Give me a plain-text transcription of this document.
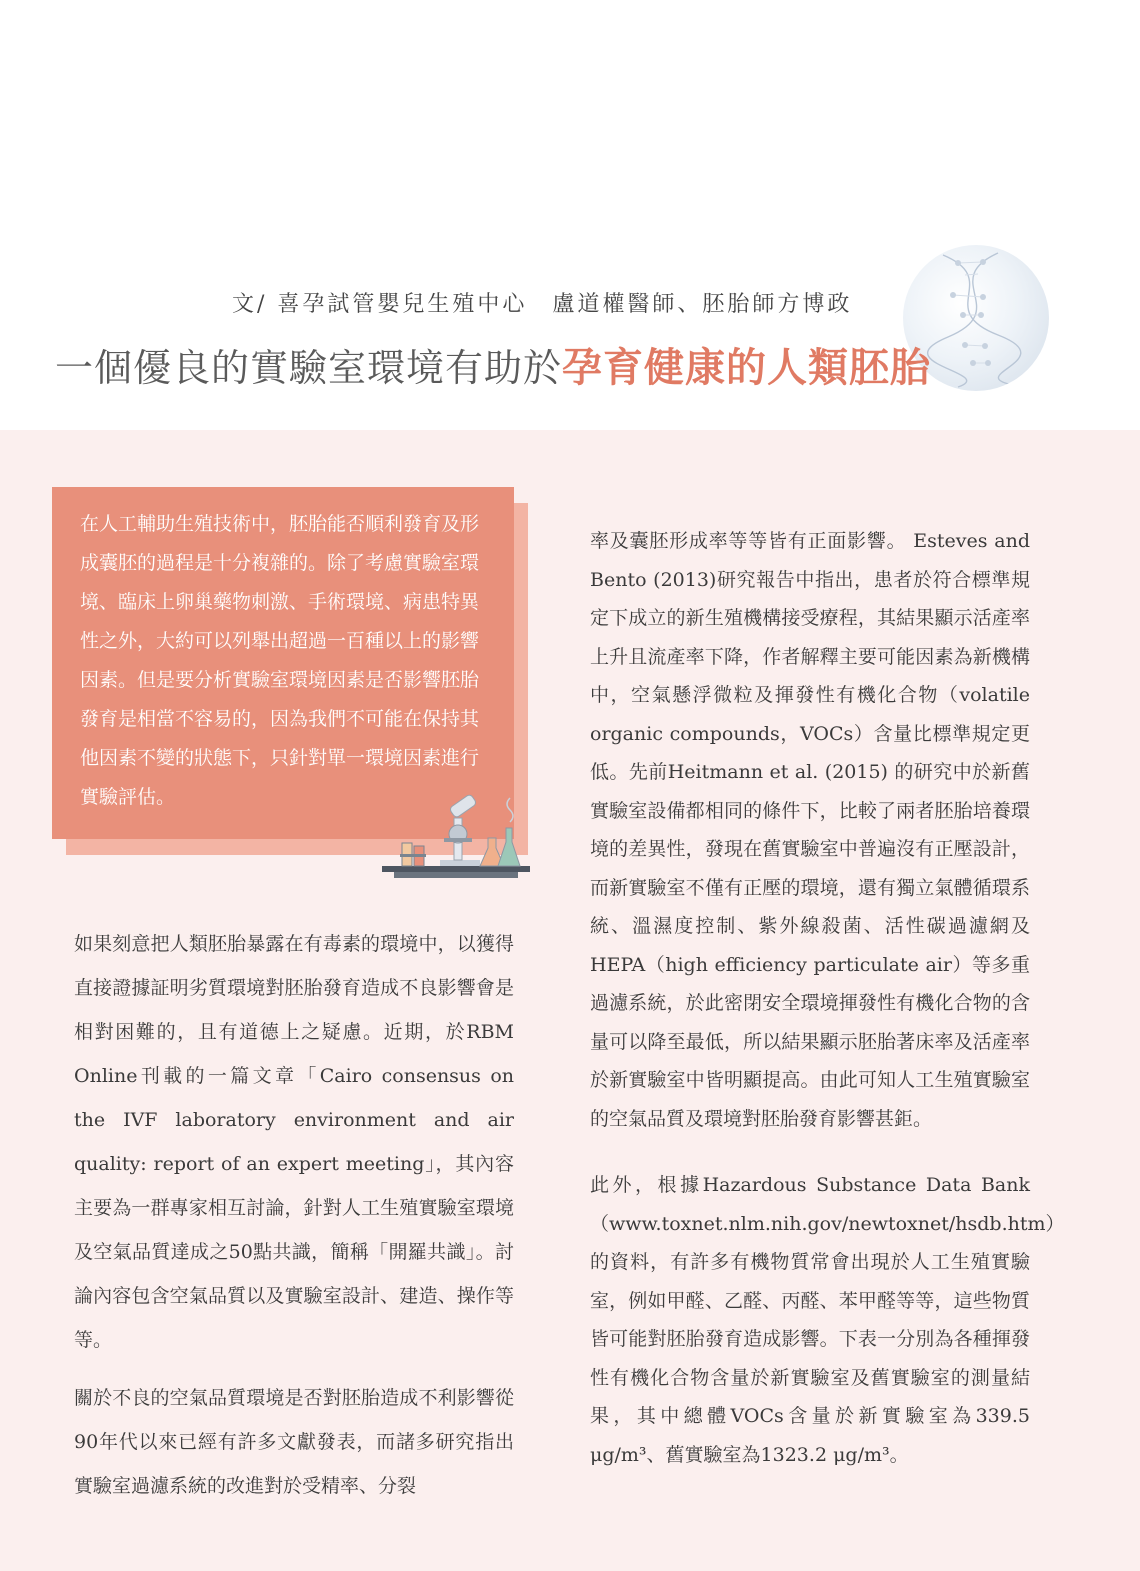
文/ 喜孕試管嬰兒生殖中心　盧道權醫師、胚胎師方博政
一個優良的實驗室環境有助於孕育健康的人類胚胎

在人工輔助生殖技術中，胚胎能否順利發育及形成囊胚的過程是十分複雜的。除了考慮實驗室環境、臨床上卵巢藥物刺激、手術環境、病患特異性之外，大約可以列舉出超過一百種以上的影響因素。但是要分析實驗室環境因素是否影響胚胎發育是相當不容易的，因為我們不可能在保持其他因素不變的狀態下，只針對單一環境因素進行實驗評估。

如果刻意把人類胚胎暴露在有毒素的環境中，以獲得直接證據証明劣質環境對胚胎發育造成不良影響會是相對困難的，且有道德上之疑慮。近期，於RBM Online刊載的一篇文章「Cairo consensus on the IVF laboratory environment and air quality: report of an expert meeting」，其內容主要為一群專家相互討論，針對人工生殖實驗室環境及空氣品質達成之50點共識，簡稱「開羅共識」。討論內容包含空氣品質以及實驗室設計、建造、操作等等。

關於不良的空氣品質環境是否對胚胎造成不利影響從90年代以來已經有許多文獻發表，而諸多研究指出實驗室過濾系統的改進對於受精率、分裂

率及囊胚形成率等等皆有正面影響。 Esteves and Bento (2013)研究報告中指出，患者於符合標準規定下成立的新生殖機構接受療程，其結果顯示活產率上升且流產率下降，作者解釋主要可能因素為新機構中，空氣懸浮微粒及揮發性有機化合物（volatile organic compounds，VOCs）含量比標準規定更低。先前Heitmann et al. (2015) 的研究中於新舊實驗室設備都相同的條件下，比較了兩者胚胎培養環境的差異性，發現在舊實驗室中普遍沒有正壓設計，而新實驗室不僅有正壓的環境，還有獨立氣體循環系統、溫濕度控制、紫外線殺菌、活性碳過濾網及HEPA（high efficiency particulate air）等多重過濾系統，於此密閉安全環境揮發性有機化合物的含量可以降至最低，所以結果顯示胚胎著床率及活產率於新實驗室中皆明顯提高。由此可知人工生殖實驗室的空氣品質及環境對胚胎發育影響甚鉅。

此外，根據Hazardous Substance Data Bank（www.toxnet.nlm.nih.gov/newtoxnet/hsdb.htm）的資料，有許多有機物質常會出現於人工生殖實驗室，例如甲醛、乙醛、丙醛、苯甲醛等等，這些物質皆可能對胚胎發育造成影響。下表一分別為各種揮發性有機化合物含量於新實驗室及舊實驗室的測量結果，其中總體VOCs含量於新實驗室為339.5 μg/m³、舊實驗室為1323.2 μg/m³。
